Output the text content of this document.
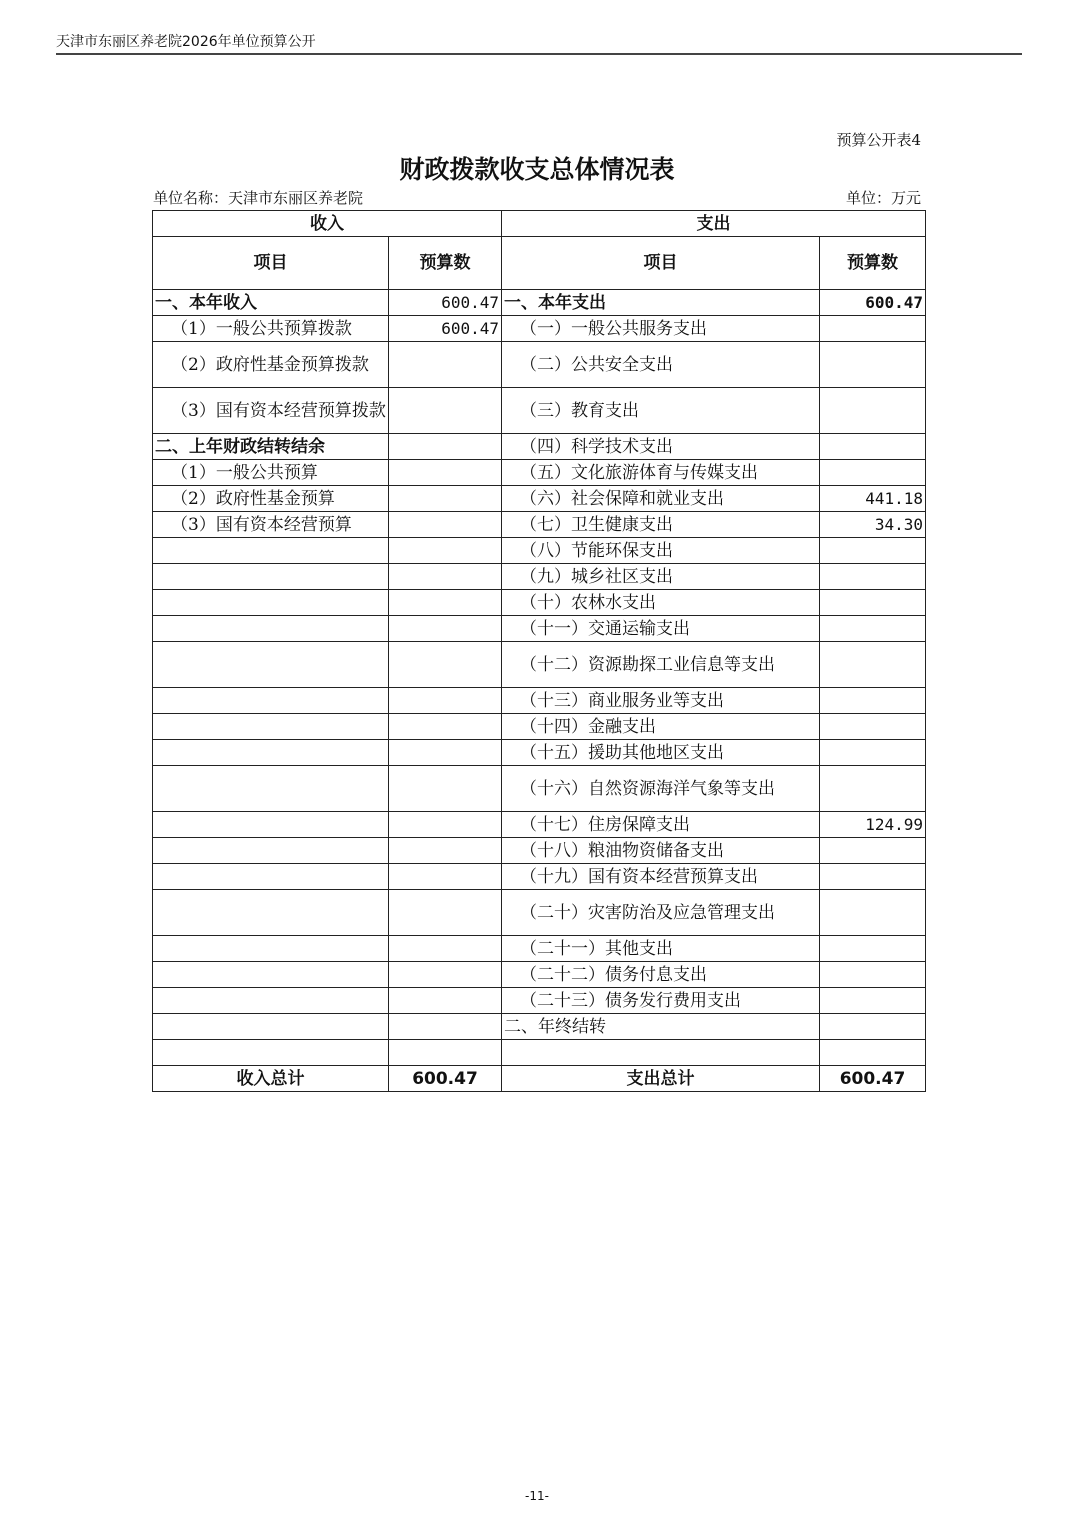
天津市东丽区养老院2026年单位预算公开
预算公开表4
财政拨款收支总体情况表
单位名称：天津市东丽区养老院	单位：万元
收入		支出	
项目	预算数	项目	预算数
一、本年收入	600.47	一、本年支出	600.47
（1）一般公共预算拨款	600.47	（一）一般公共服务支出	
（2）政府性基金预算拨款		（二）公共安全支出	
（3）国有资本经营预算拨款		（三）教育支出	
二、上年财政结转结余		（四）科学技术支出	
（1）一般公共预算		（五）文化旅游体育与传媒支出	
（2）政府性基金预算		（六）社会保障和就业支出	441.18
（3）国有资本经营预算		（七）卫生健康支出	34.30
		（八）节能环保支出	
		（九）城乡社区支出	
		（十）农林水支出	
		（十一）交通运输支出	
		（十二）资源勘探工业信息等支出	
		（十三）商业服务业等支出	
		（十四）金融支出	
		（十五）援助其他地区支出	
		（十六）自然资源海洋气象等支出	
		（十七）住房保障支出	124.99
		（十八）粮油物资储备支出	
		（十九）国有资本经营预算支出	
		（二十）灾害防治及应急管理支出	
		（二十一）其他支出	
		（二十二）债务付息支出	
		（二十三）债务发行费用支出	
		二、年终结转	

收入总计	600.47	支出总计	600.47
-11-
